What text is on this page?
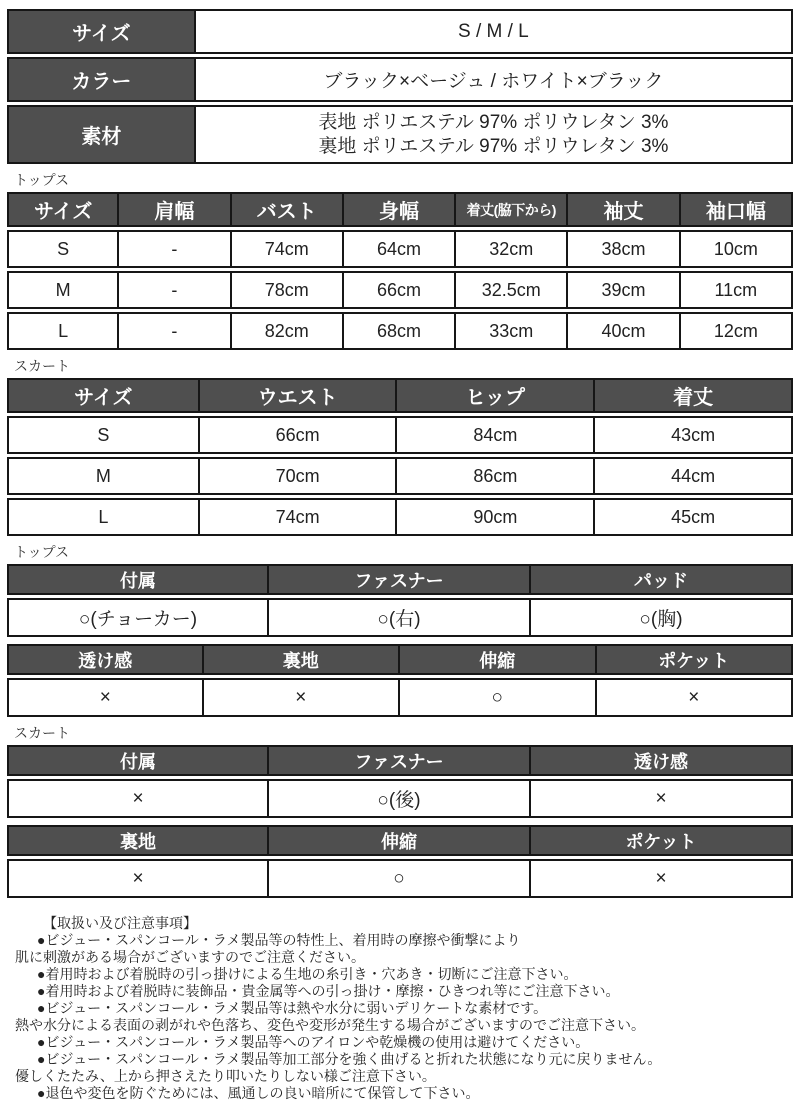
サイズ	S / M / L
カラー	ブラック×ベージュ / ホワイト×ブラック
素材	表地 ポリエステル 97% ポリウレタン 3%
裏地 ポリエステル 97% ポリウレタン 3%
トップス
サイズ	肩幅	バスト	身幅	着丈(脇下から)	袖丈	袖口幅
S	-	74cm	64cm	32cm	38cm	10cm
M	-	78cm	66cm	32.5cm	39cm	11cm
L	-	82cm	68cm	33cm	40cm	12cm
スカート
サイズ	ウエスト	ヒップ	着丈
S	66cm	84cm	43cm
M	70cm	86cm	44cm
L	74cm	90cm	45cm
トップス
付属	ファスナー	パッド
○(チョーカー)	○(右)	○(胸)
透け感	裏地	伸縮	ポケット
×	×	○	×
スカート
付属	ファスナー	透け感
×	○(後)	×
裏地	伸縮	ポケット
×	○	×
【取扱い及び注意事項】
●ビジュー・スパンコール・ラメ製品等の特性上、着用時の摩擦や衝撃により
肌に刺激がある場合がございますのでご注意ください。
●着用時および着脱時の引っ掛けによる生地の糸引き・穴あき・切断にご注意下さい。
●着用時および着脱時に装飾品・貴金属等への引っ掛け・摩擦・ひきつれ等にご注意下さい。
●ビジュー・スパンコール・ラメ製品等は熱や水分に弱いデリケートな素材です。
熱や水分による表面の剥がれや色落ち、変色や変形が発生する場合がございますのでご注意下さい。
●ビジュー・スパンコール・ラメ製品等へのアイロンや乾燥機の使用は避けてください。
●ビジュー・スパンコール・ラメ製品等加工部分を強く曲げると折れた状態になり元に戻りません。
優しくたたみ、上から押さえたり叩いたりしない様ご注意下さい。
●退色や変色を防ぐためには、風通しの良い暗所にて保管して下さい。
